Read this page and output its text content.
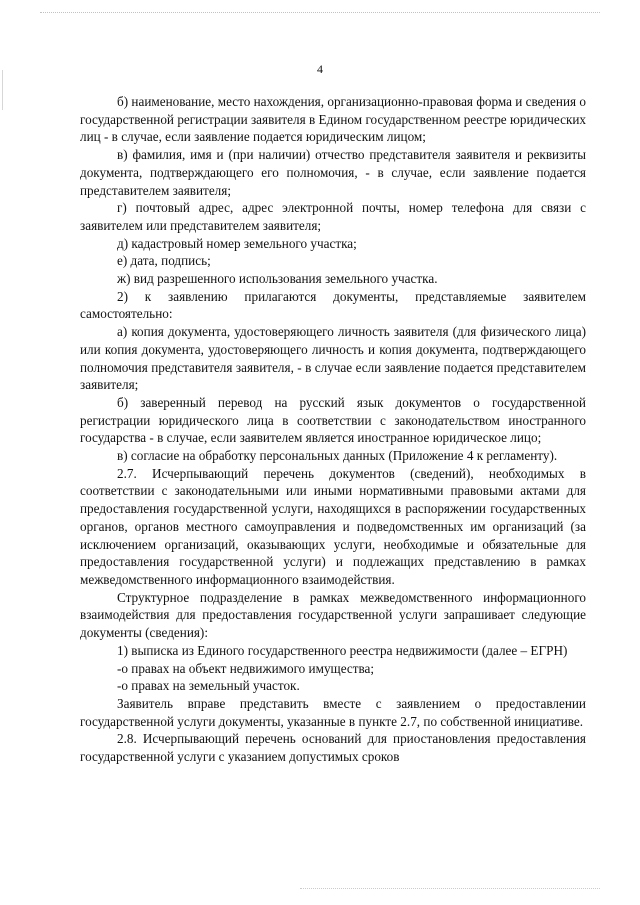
4

б) наименование, место нахождения, организационно-правовая форма и сведения о государственной регистрации заявителя в Едином государственном реестре юридических лиц - в случае, если заявление подается юридическим лицом;

в) фамилия, имя и (при наличии) отчество представителя заявителя и реквизиты документа, подтверждающего его полномочия, - в случае, если заявление подается представителем заявителя;

г) почтовый адрес, адрес электронной почты, номер телефона для связи с заявителем или представителем заявителя;

д) кадастровый номер земельного участка;

е) дата, подпись;

ж) вид разрешенного использования земельного участка.

2) к заявлению прилагаются документы, представляемые заявителем самостоятельно:

а) копия документа, удостоверяющего личность заявителя (для физического лица) или копия документа, удостоверяющего личность и копия документа, подтверждающего полномочия представителя заявителя, - в случае если заявление подается представителем заявителя;

б) заверенный перевод на русский язык документов о государственной регистрации юридического лица в соответствии с законодательством иностранного государства - в случае, если заявителем является иностранное юридическое лицо;

в) согласие на обработку персональных данных (Приложение 4 к регламенту).

2.7. Исчерпывающий перечень документов (сведений), необходимых в соответствии с законодательными или иными нормативными правовыми актами для предоставления государственной услуги, находящихся в распоряжении государственных органов, органов местного самоуправления и подведомственных им организаций (за исключением организаций, оказывающих услуги, необходимые и обязательные для предоставления государственной услуги) и подлежащих представлению в рамках межведомственного информационного взаимодействия.

Структурное подразделение в рамках межведомственного информационного взаимодействия для предоставления государственной услуги запрашивает следующие документы (сведения):

1) выписка из Единого государственного реестра недвижимости (далее – ЕГРН)

-о правах на объект недвижимого имущества;

-о правах на земельный участок.

Заявитель вправе представить вместе с заявлением о предоставлении государственной услуги документы, указанные в пункте 2.7, по собственной инициативе.

2.8. Исчерпывающий перечень оснований для приостановления предоставления государственной услуги с указанием допустимых сроков
